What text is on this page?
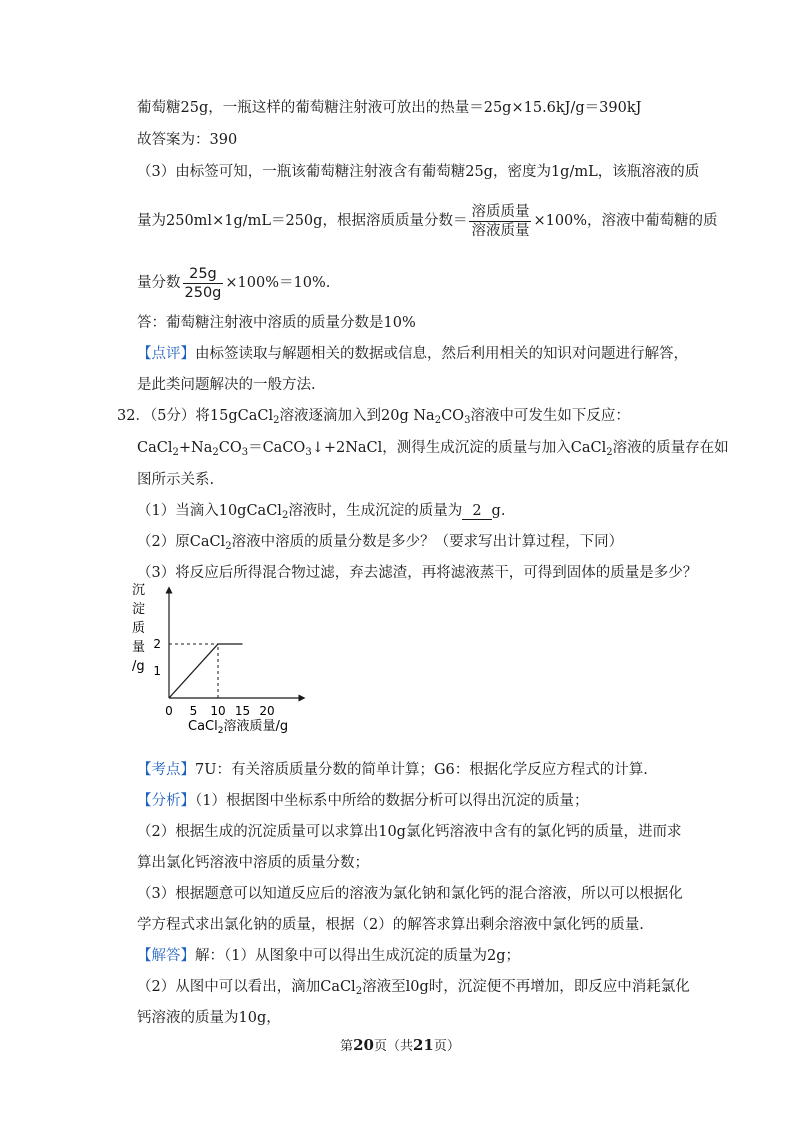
葡萄糖25g，一瓶这样的葡萄糖注射液可放出的热量＝25g×15.6kJ/g＝390kJ
故答案为：390
（3）由标签可知，一瓶该葡萄糖注射液含有葡萄糖25g，密度为1g/mL，该瓶溶液的质
量为250ml×1g/mL＝250g，根据溶质质量分数＝ $\frac{\text{溶质质量}}{\text{溶液质量}} \times 100\%$，溶液中葡萄糖的质
量分数 $\frac{25g}{250g} \times 100\%=10\%$.
答：葡萄糖注射液中溶质的质量分数是10%
【点评】由标签读取与解题相关的数据或信息，然后利用相关的知识对问题进行解答，
是此类问题解决的一般方法.
32．（5分）将15gCaCl$_2$溶液逐滴加入到20g $Na_2CO_3$溶液中可发生如下反应：
$CaCl_2+Na_2CO_3=CaCO_3↓+2NaCl$，测得生成沉淀的质量与加入CaCl$_2$溶液的质量存在如
图所示关系.
（1）当滴入10gCaCl$_2$溶液时，生成沉淀的质量为 2 g.
（2）原CaCl$_2$溶液中溶质的质量分数是多少？（要求写出计算过程，下同）
（3）将反应后所得混合物过滤，弃去滤渣，再将滤液蒸干，可得到固体的质量是多少？
沉
淀
质
量
/g
0 5 10 15 20
1
2
CaCl$_2$溶液质量/g
【考点】7U：有关溶质质量分数的简单计算；G6：根据化学反应方程式的计算.
【分析】（1）根据图中坐标系中所给的数据分析可以得出沉淀的质量；
（2）根据生成的沉淀质量可以求算出10g氯化钙溶液中含有的氯化钙的质量，进而求
算出氯化钙溶液中溶质的质量分数；
（3）根据题意可以知道反应后的溶液为氯化钠和氯化钙的混合溶液，所以可以根据化
学方程式求出氯化钠的质量，根据（2）的解答求算出剩余溶液中氯化钙的质量.
【解答】解：（1）从图象中可以得出生成沉淀的质量为2g；
（2）从图中可以看出，滴加CaCl$_2$溶液至l0g时，沉淀便不再增加，即反应中消耗氯化
钙溶液的质量为10g，
第20页（共21页）
